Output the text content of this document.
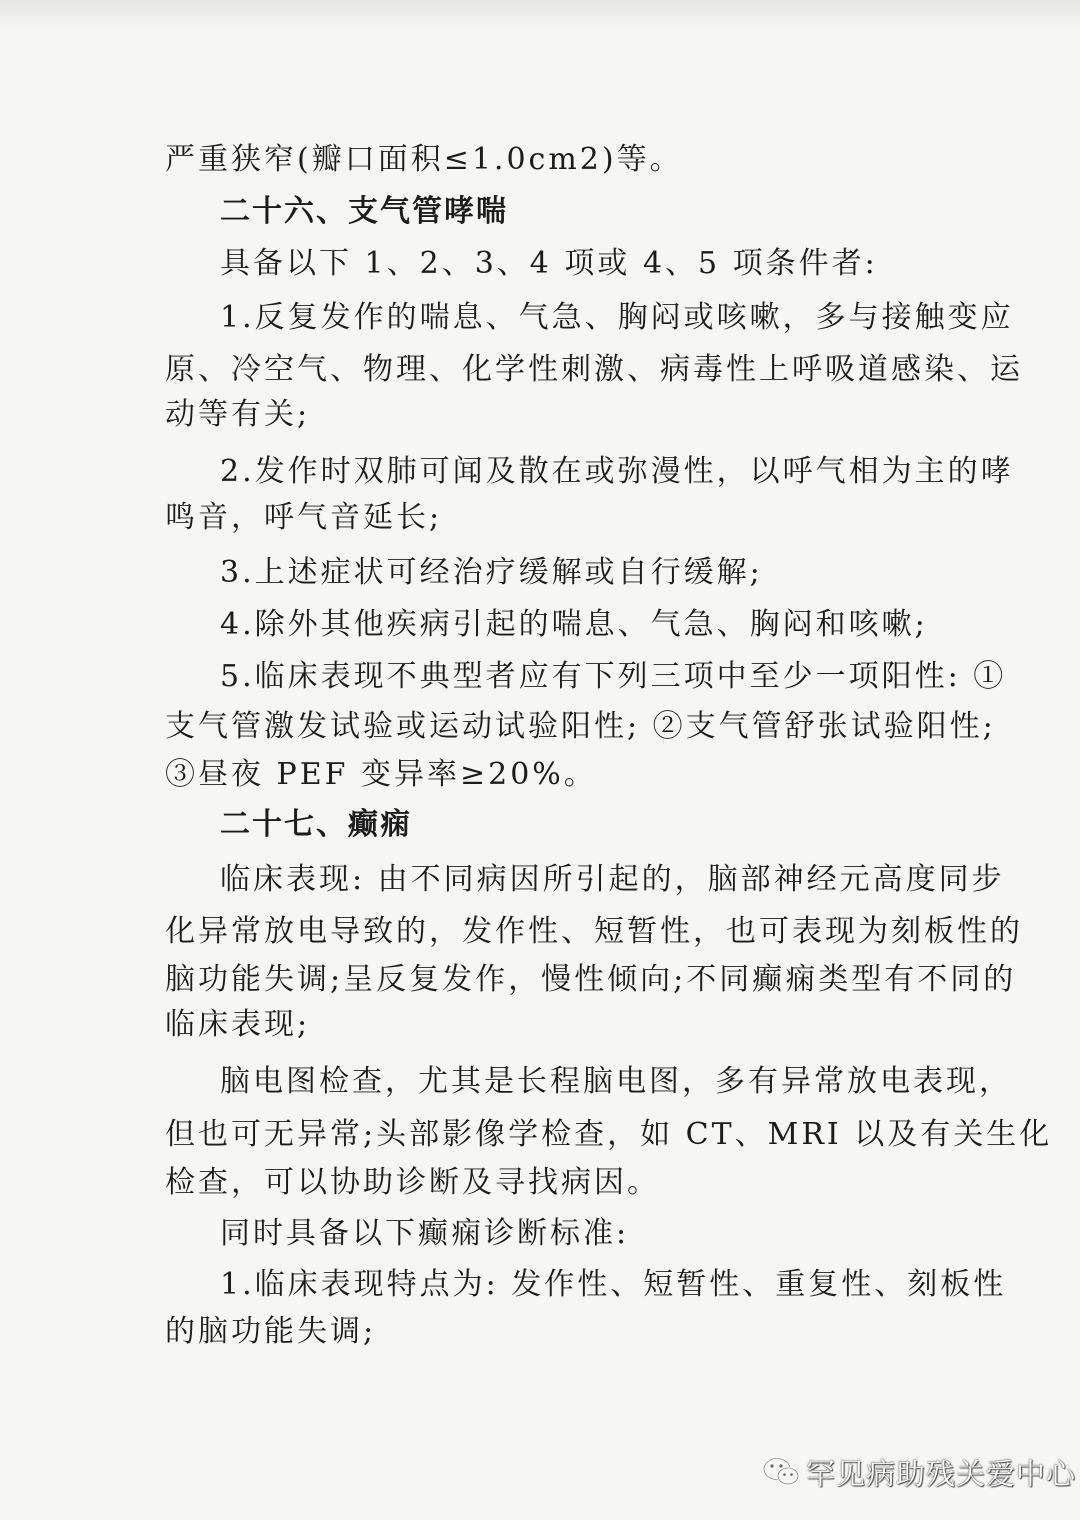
严重狭窄(瓣口面积≤1.0cm2)等。
二十六、支气管哮喘
具备以下 1、2、3、4 项或 4、5 项条件者:
1.反复发作的喘息、气急、胸闷或咳嗽，多与接触变应
原、冷空气、物理、化学性刺激、病毒性上呼吸道感染、运
动等有关;
2.发作时双肺可闻及散在或弥漫性，以呼气相为主的哮
鸣音，呼气音延长;
3.上述症状可经治疗缓解或自行缓解;
4.除外其他疾病引起的喘息、气急、胸闷和咳嗽;
5.临床表现不典型者应有下列三项中至少一项阳性: ①
支气管激发试验或运动试验阳性; ②支气管舒张试验阳性;
③昼夜 PEF 变异率≥20%。
二十七、癫痫
临床表现: 由不同病因所引起的，脑部神经元高度同步
化异常放电导致的，发作性、短暂性，也可表现为刻板性的
脑功能失调;呈反复发作，慢性倾向;不同癫痫类型有不同的
临床表现;
脑电图检查，尤其是长程脑电图，多有异常放电表现，
但也可无异常;头部影像学检查，如 CT、MRI 以及有关生化
检查，可以协助诊断及寻找病因。
同时具备以下癫痫诊断标准:
1.临床表现特点为: 发作性、短暂性、重复性、刻板性
的脑功能失调;
罕见病助残关爱中心
